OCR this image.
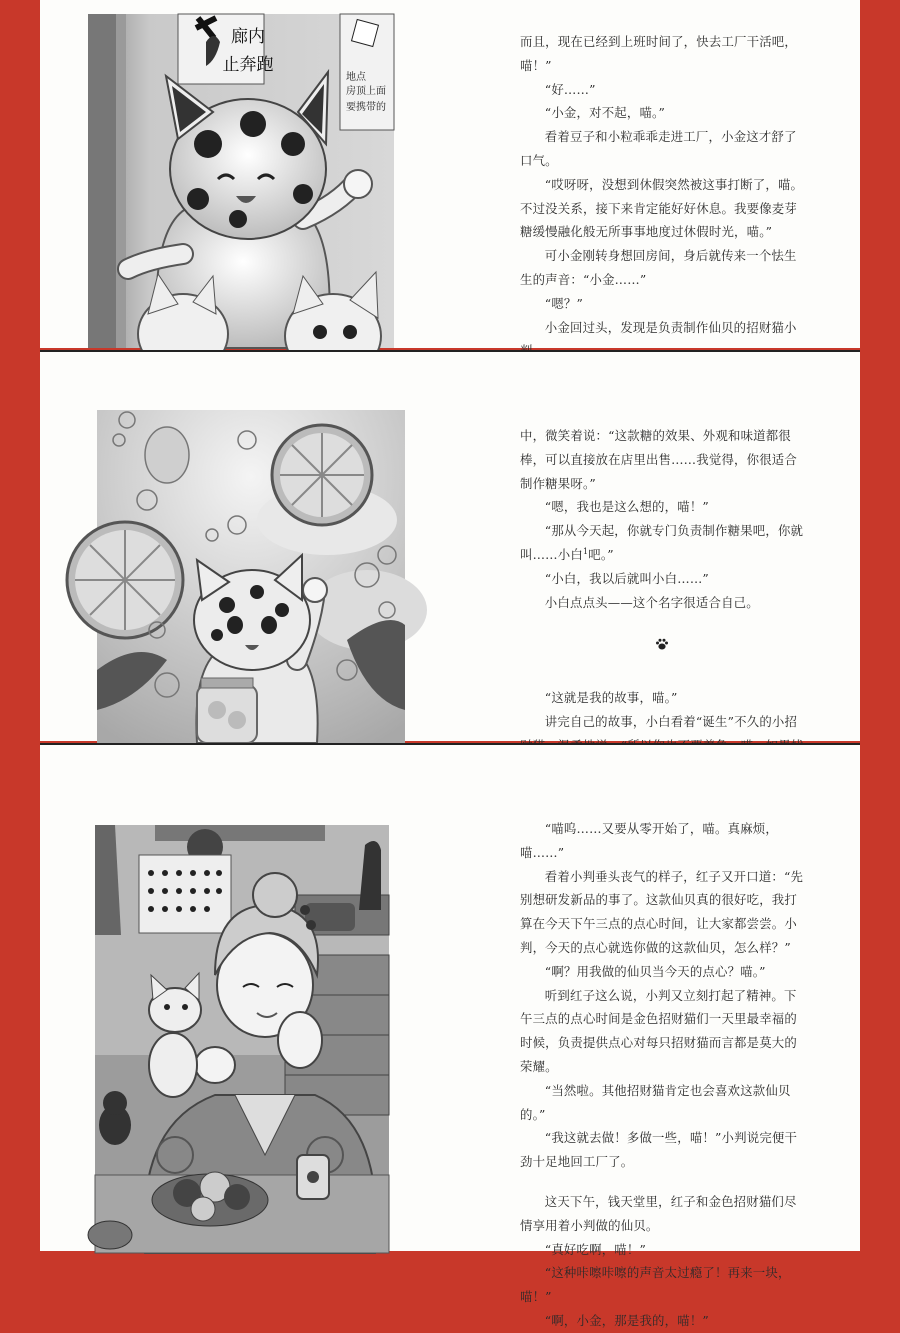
廊内
止奔跑
地点
房顶上面
要携带的

而且，现在已经到上班时间了，快去工厂干活吧，喵！”

“好……”

“小金，对不起，喵。”

看着豆子和小粒乖乖走进工厂，小金这才舒了口气。

“哎呀呀，没想到休假突然被这事打断了，喵。不过没关系，接下来肯定能好好休息。我要像麦芽糖缓慢融化般无所事事地度过休假时光，喵。”

可小金刚转身想回房间，身后就传来一个怯生生的声音：“小金……”

“嗯？”

小金回过头，发现是负责制作仙贝的招财猫小

中，微笑着说：“这款糖的效果、外观和味道都很棒，可以直接放在店里出售……我觉得，你很适合制作糖果呀。”

“嗯，我也是这么想的，喵！”

“那从今天起，你就专门负责制作糖果吧，你就叫……小白$^1$吧。”

“小白，我以后就叫小白……”

小白点点头——这个名字很适合自己。

“这就是我的故事，喵。”

讲完自己的故事，小白看着“诞生”不久的小招

“喵呜……又要从零开始了，喵。真麻烦，喵……”

看着小判垂头丧气的样子，红子又开口道：“先别想研发新品的事了。这款仙贝真的很好吃，我打算在今天下午三点的点心时间，让大家都尝尝。小判，今天的点心就选你做的这款仙贝，怎么样？”

“啊？用我做的仙贝当今天的点心？喵。”

听到红子这么说，小判又立刻打起了精神。下午三点的点心时间是金色招财猫们一天里最幸福的时候，负责提供点心对每只招财猫而言都是莫大的荣耀。

“当然啦。其他招财猫肯定也会喜欢这款仙贝的。”

“我这就去做！多做一些，喵！”小判说完便干劲十足地回工厂了。

这天下午，钱天堂里，红子和金色招财猫们尽情享用着小判做的仙贝。

“真好吃啊，喵！”

“这种咔嚓咔嚓的声音太过瘾了！再来一块，喵！”

“啊，小金，那是我的，喵！”
